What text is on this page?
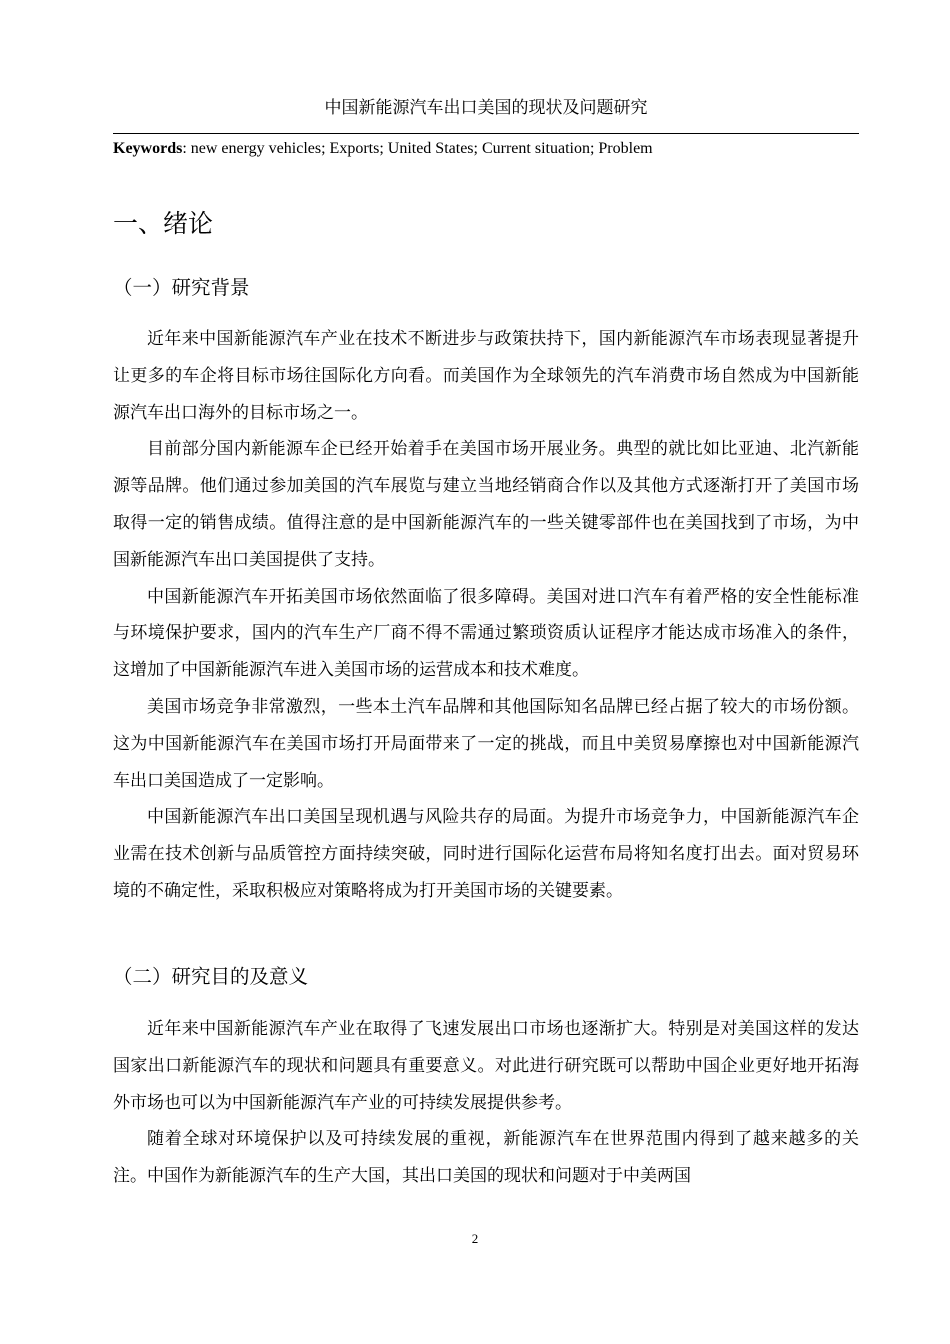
中国新能源汽车出口美国的现状及问题研究
Keywords: new energy vehicles; Exports; United States; Current situation; Problem
一、绪论
（一）研究背景

近年来中国新能源汽车产业在技术不断进步与政策扶持下，国内新能源汽车市场表现显著提升让更多的车企将目标市场往国际化方向看。而美国作为全球领先的汽车消费市场自然成为中国新能源汽车出口海外的目标市场之一。

目前部分国内新能源车企已经开始着手在美国市场开展业务。典型的就比如比亚迪、北汽新能源等品牌。他们通过参加美国的汽车展览与建立当地经销商合作以及其他方式逐渐打开了美国市场取得一定的销售成绩。值得注意的是中国新能源汽车的一些关键零部件也在美国找到了市场，为中国新能源汽车出口美国提供了支持。

中国新能源汽车开拓美国市场依然面临了很多障碍。美国对进口汽车有着严格的安全性能标准与环境保护要求，国内的汽车生产厂商不得不需通过繁琐资质认证程序才能达成市场准入的条件，这增加了中国新能源汽车进入美国市场的运营成本和技术难度。

美国市场竞争非常激烈，一些本土汽车品牌和其他国际知名品牌已经占据了较大的市场份额。这为中国新能源汽车在美国市场打开局面带来了一定的挑战，而且中美贸易摩擦也对中国新能源汽车出口美国造成了一定影响。

中国新能源汽车出口美国呈现机遇与风险共存的局面。为提升市场竞争力，中国新能源汽车企业需在技术创新与品质管控方面持续突破，同时进行国际化运营布局将知名度打出去。面对贸易环境的不确定性，采取积极应对策略将成为打开美国市场的关键要素。

（二）研究目的及意义

近年来中国新能源汽车产业在取得了飞速发展出口市场也逐渐扩大。特别是对美国这样的发达国家出口新能源汽车的现状和问题具有重要意义。对此进行研究既可以帮助中国企业更好地开拓海外市场也可以为中国新能源汽车产业的可持续发展提供参考。

随着全球对环境保护以及可持续发展的重视，新能源汽车在世界范围内得到了越来越多的关注。中国作为新能源汽车的生产大国，其出口美国的现状和问题对于中美两国

2
